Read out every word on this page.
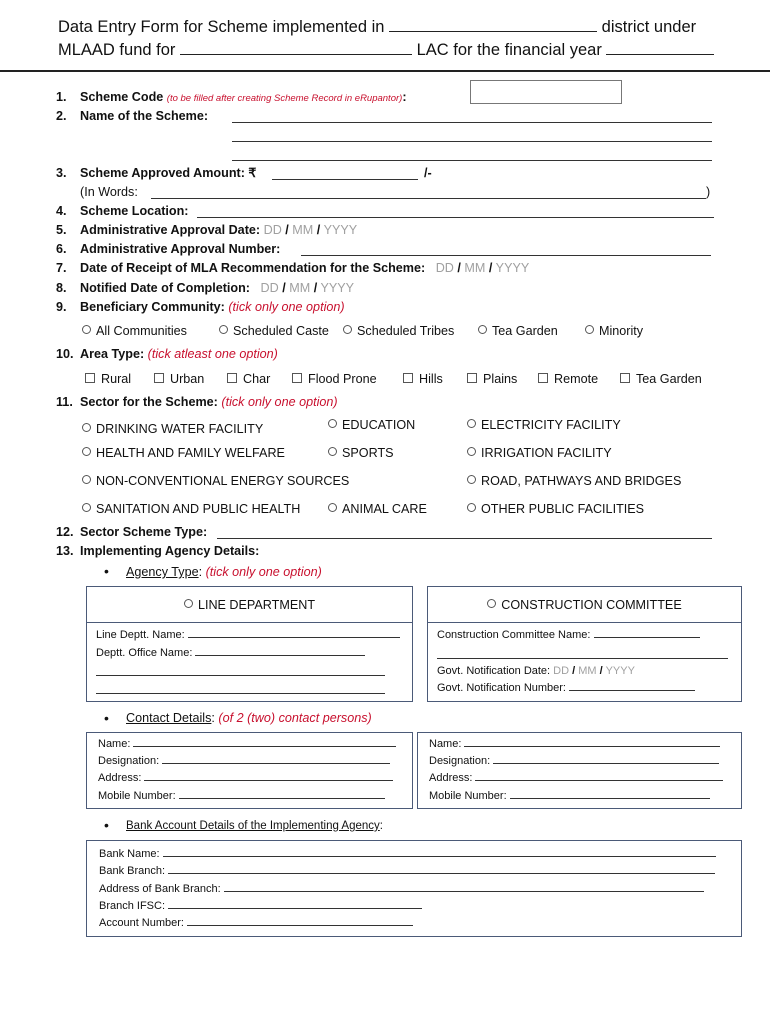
Data Entry Form for Scheme implemented in	district under
MLAAD fund for	LAC for the financial year
1. Scheme Code (to be filled after creating Scheme Record in eRupantor):
2. Name of the Scheme:
3. Scheme Approved Amount: ₹	/-
(In Words:	)
4. Scheme Location:
5. Administrative Approval Date: DD / MM / YYYY
6. Administrative Approval Number:
7. Date of Receipt of MLA Recommendation for the Scheme: DD / MM / YYYY
8. Notified Date of Completion: DD / MM / YYYY
9. Beneficiary Community: (tick only one option)
All Communities	Scheduled Caste	Scheduled Tribes	Tea Garden	Minority
10. Area Type: (tick atleast one option)
Rural	Urban	Char	Flood Prone	Hills	Plains	Remote	Tea Garden
11. Sector for the Scheme: (tick only one option)
DRINKING WATER FACILITY	EDUCATION	ELECTRICITY FACILITY
HEALTH AND FAMILY WELFARE	SPORTS	IRRIGATION FACILITY
NON-CONVENTIONAL ENERGY SOURCES	ROAD, PATHWAYS AND BRIDGES
SANITATION AND PUBLIC HEALTH	ANIMAL CARE	OTHER PUBLIC FACILITIES
12. Sector Scheme Type:
13. Implementing Agency Details:
• Agency Type: (tick only one option)
LINE DEPARTMENT
Line Deptt. Name:
Deptt. Office Name:
CONSTRUCTION COMMITTEE
Construction Committee Name:
Govt. Notification Date: DD / MM / YYYY
Govt. Notification Number:
• Contact Details: (of 2 (two) contact persons)
Name:
Designation:
Address:
Mobile Number:
Name:
Designation:
Address:
Mobile Number:
• Bank Account Details of the Implementing Agency:
Bank Name:
Bank Branch:
Address of Bank Branch:
Branch IFSC:
Account Number:
